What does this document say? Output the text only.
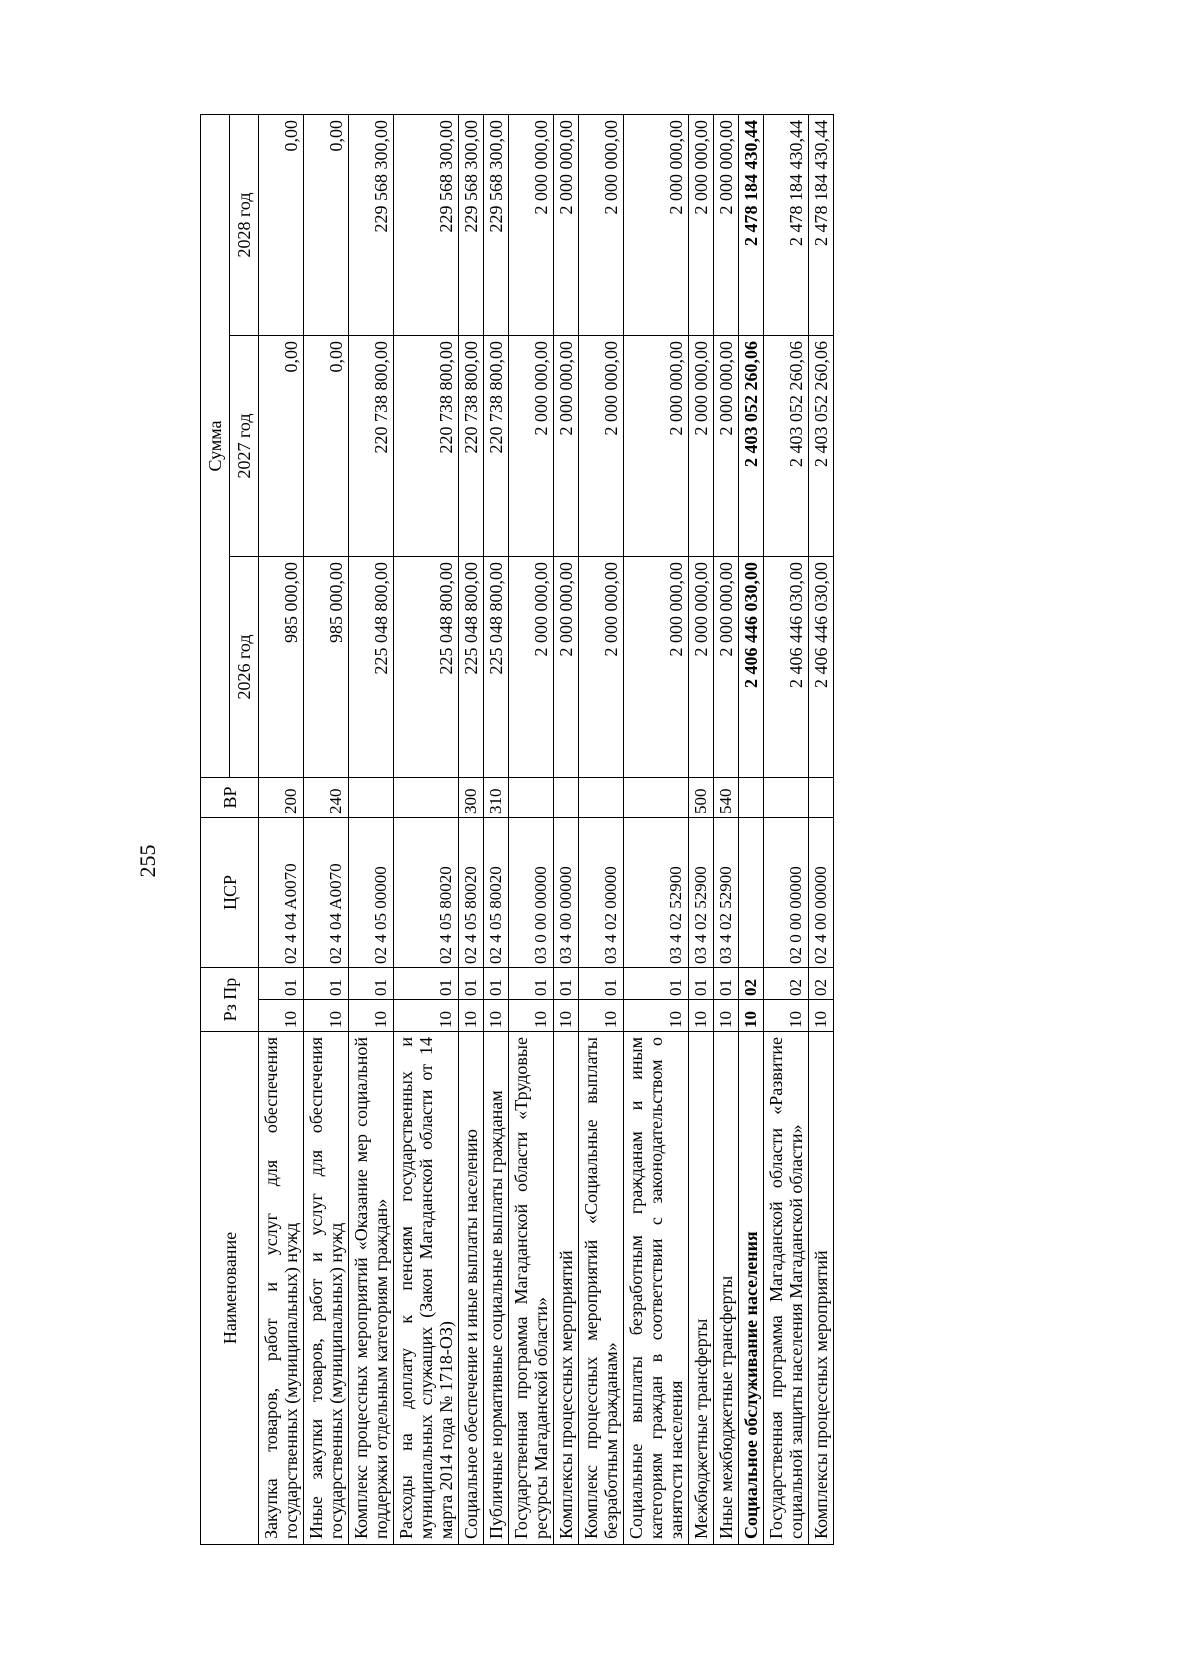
255
Наименование	Рз Пр		ЦСР	ВР	Сумма		
					2026 год	2027 год	2028 год
Закупка товаров, работ и услуг для обеспечения государственных (муниципальных) нужд	10	01	02 4 04 A0070	200	985 000,00	0,00	0,00
Иные закупки товаров, работ и услуг для обеспечения государственных (муниципальных) нужд	10	01	02 4 04 A0070	240	985 000,00	0,00	0,00
Комплекс процессных мероприятий «Оказание мер социальной поддержки отдельным категориям граждан»	10	01	02 4 05 00000		225 048 800,00	220 738 800,00	229 568 300,00
Расходы на доплату к пенсиям государственных и муниципальных служащих (Закон Магаданской области от 14 марта 2014 года № 1718-ОЗ)	10	01	02 4 05 80020		225 048 800,00	220 738 800,00	229 568 300,00
Социальное обеспечение и иные выплаты населению	10	01	02 4 05 80020	300	225 048 800,00	220 738 800,00	229 568 300,00
Публичные нормативные социальные выплаты гражданам	10	01	02 4 05 80020	310	225 048 800,00	220 738 800,00	229 568 300,00
Государственная программа Магаданской области «Трудовые ресурсы Магаданской области»	10	01	03 0 00 00000		2 000 000,00	2 000 000,00	2 000 000,00
Комплексы процессных мероприятий	10	01	03 4 00 00000		2 000 000,00	2 000 000,00	2 000 000,00
Комплекс процессных мероприятий «Социальные выплаты безработным гражданам»	10	01	03 4 02 00000		2 000 000,00	2 000 000,00	2 000 000,00
Социальные выплаты безработным гражданам и иным категориям граждан в соответствии с законодательством о занятости населения	10	01	03 4 02 52900		2 000 000,00	2 000 000,00	2 000 000,00
Межбюджетные трансферты	10	01	03 4 02 52900	500	2 000 000,00	2 000 000,00	2 000 000,00
Иные межбюджетные трансферты	10	01	03 4 02 52900	540	2 000 000,00	2 000 000,00	2 000 000,00
Социальное обслуживание населения	10	02			2 406 446 030,00	2 403 052 260,06	2 478 184 430,44
Государственная программа Магаданской области «Развитие социальной защиты населения Магаданской области»	10	02	02 0 00 00000		2 406 446 030,00	2 403 052 260,06	2 478 184 430,44
Комплексы процессных мероприятий	10	02	02 4 00 00000		2 406 446 030,00	2 403 052 260,06	2 478 184 430,44
